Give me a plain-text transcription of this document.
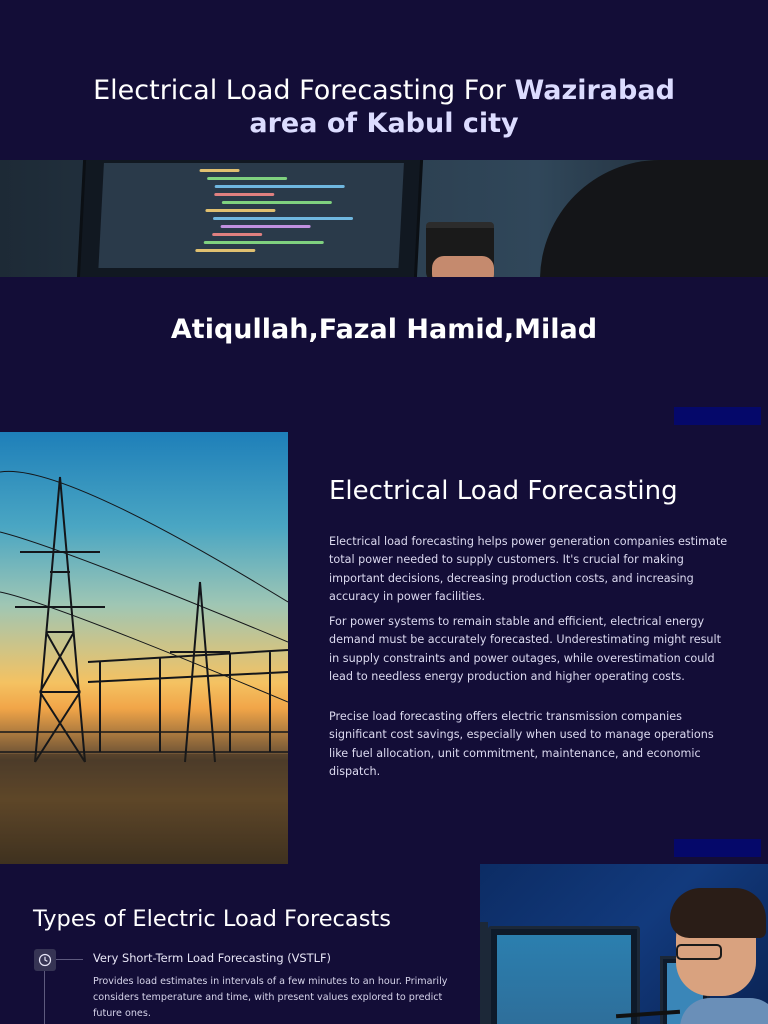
Electrical Load Forecasting For Wazirabad
area of Kabul city
Atiqullah,Fazal Hamid,Milad
Electrical Load Forecasting

Electrical load forecasting helps power generation companies estimate total power needed to supply customers. It's crucial for making important decisions, decreasing production costs, and increasing accuracy in power facilities.

For power systems to remain stable and efficient, electrical energy demand must be accurately forecasted. Underestimating might result in supply constraints and power outages, while overestimation could lead to needless energy production and higher operating costs.

Precise load forecasting offers electric transmission companies significant cost savings, especially when used to manage operations like fuel allocation, unit commitment, maintenance, and economic dispatch.

Types of Electric Load Forecasts
Very Short-Term Load Forecasting (VSTLF)

Provides load estimates in intervals of a few minutes to an hour. Primarily considers temperature and time, with present values explored to predict future ones.
